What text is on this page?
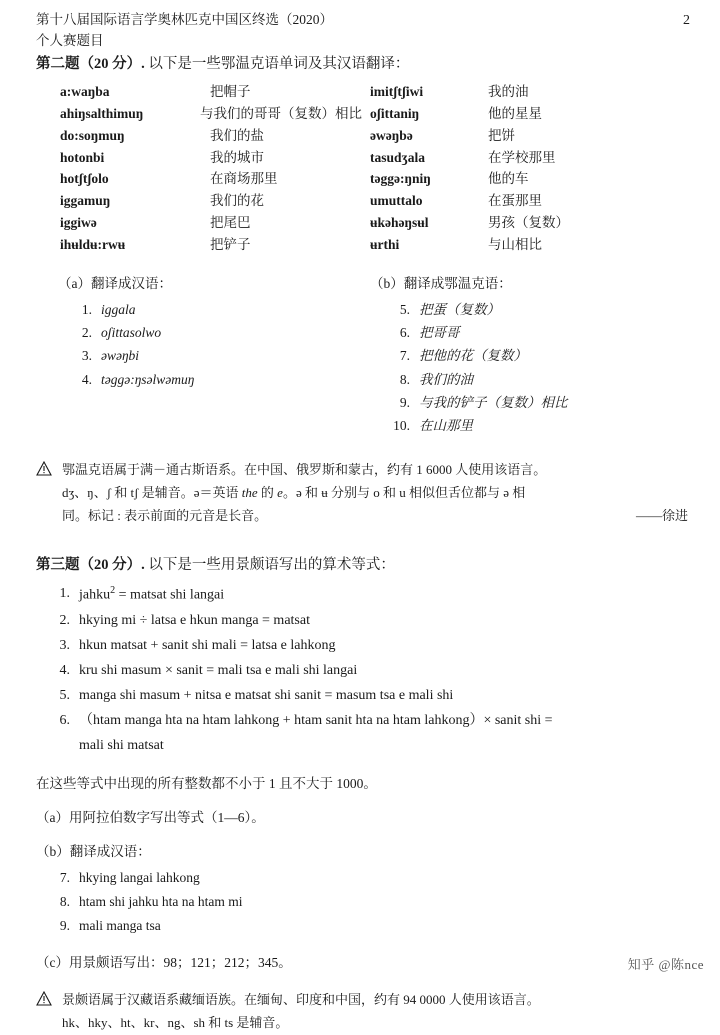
第十八届国际语言学奥林匹克中国区终选（2020）
个人赛题目
2
第二题（20 分）. 以下是一些鄂温克语单词及其汉语翻译：
a:waŋba	把帽子
ahiŋsalthimuŋ	与我们的哥哥（复数）相比
do:soŋmuŋ	我们的盐
hotonbi	我的城市
hotʃtʃolo	在商场那里
iggamuŋ	我们的花
iggiwə	把尾巴
ihʉldʉ:rwʉ	把铲子
imitʃtʃiwi	我的油
oʃittaniŋ	他的星星
əwəŋbə	把饼
tasudʒala	在学校那里
təggə:ŋniŋ	他的车
umuttalo	在蛋那里
ʉkəhəŋsʉl	男孩（复数）
ʉrthi	与山相比
（a）翻译成汉语：
1. iggala
2. oʃittasolwo
3. əwəŋbi
4. təggə:ŋsəlwəmuŋ
（b）翻译成鄂温克语：
5. 把蛋（复数）
6. 把哥哥
7. 把他的花（复数）
8. 我们的油
9. 与我的铲子（复数）相比
10. 在山那里
鄂温克语属于满－通古斯语系。在中国、俄罗斯和蒙古，约有 1 6000 人使用该语言。
dʒ、ŋ、ʃ 和 tʃ 是辅音。ə＝英语 the 的 e。ə 和 ʉ 分别与 o 和 u 相似但舌位都与 ə 相
同。标记 : 表示前面的元音是长音。	——徐进
第三题（20 分）. 以下是一些用景颇语写出的算术等式：
1. jahku$^2$ = matsat shi langai
2. hkying mi ÷ latsa e hkun manga = matsat
3. hkun matsat + sanit shi mali = latsa e lahkong
4. kru shi masum × sanit = mali tsa e mali shi langai
5. manga shi masum + nitsa e matsat shi sanit = masum tsa e mali shi
6. （htam manga hta na htam lahkong + htam sanit hta na htam lahkong）× sanit shi =
mali shi matsat
在这些等式中出现的所有整数都不小于 1 且不大于 1000。
（a）用阿拉伯数字写出等式（1—6）。
（b）翻译成汉语：
7. hkying langai lahkong
8. htam shi jahku hta na htam mi
9. mali manga tsa
（c）用景颇语写出：98；121；212；345。
景颇语属于汉藏语系藏缅语族。在缅甸、印度和中国，约有 94 0000 人使用该语言。
hk、hky、ht、kr、ng、sh 和 ts 是辅音。
知乎 @陈nce
